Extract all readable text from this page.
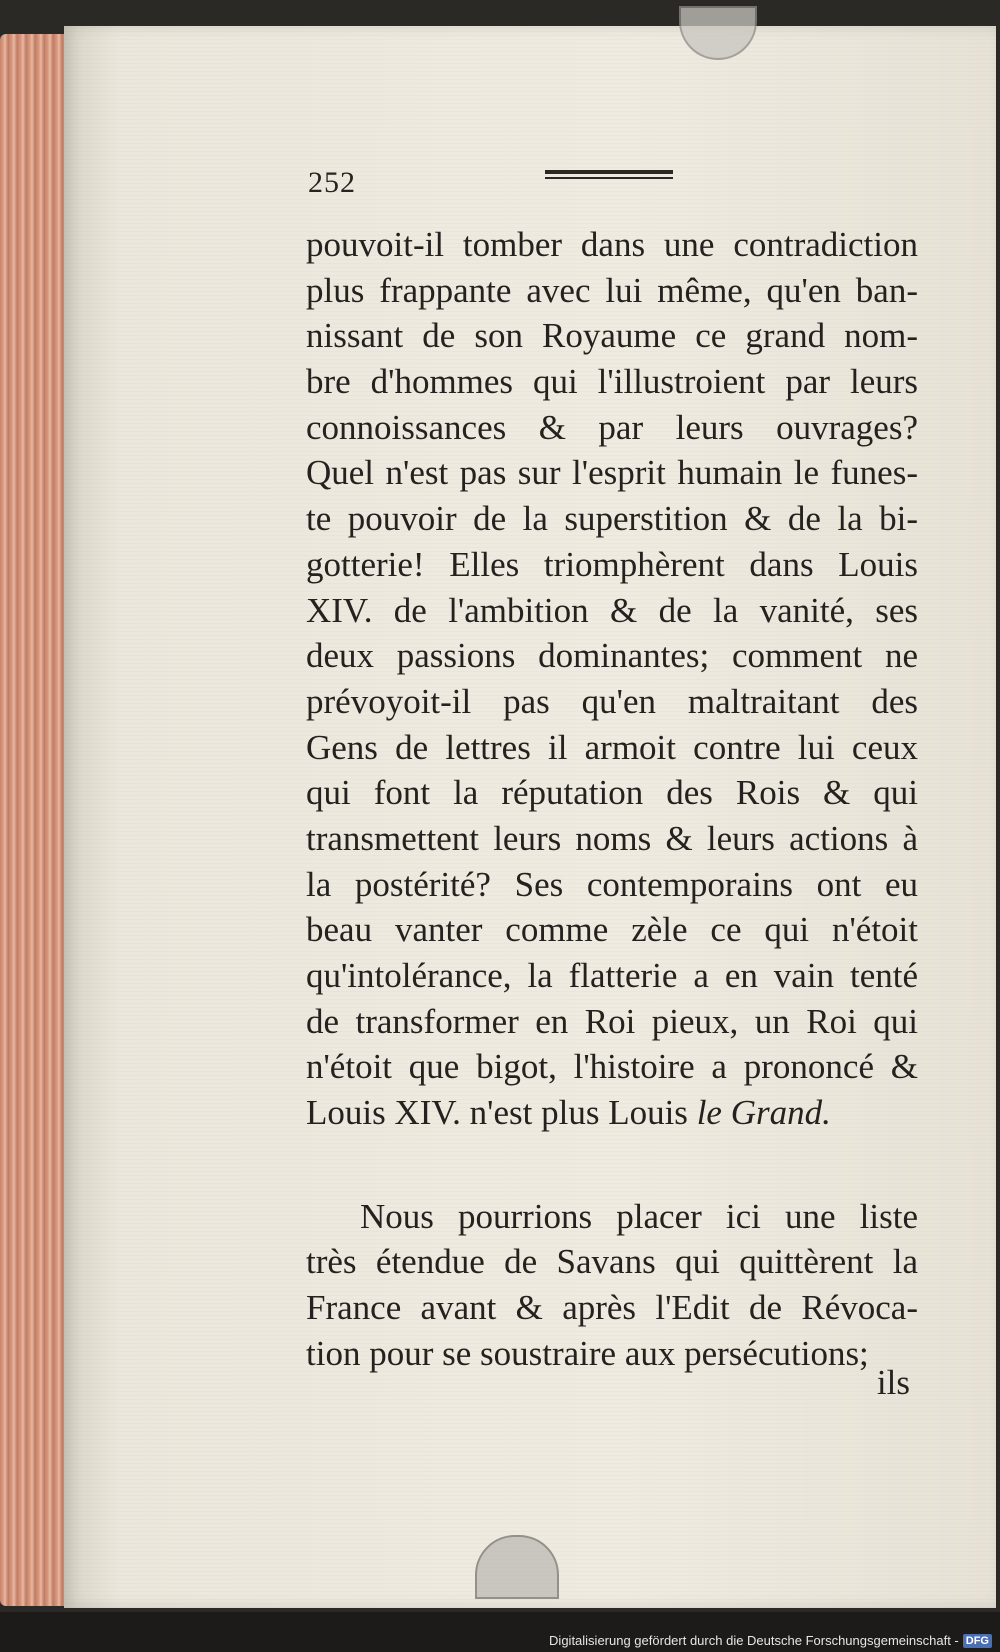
252
pouvoit-il tomber dans une contradiction
plus frappante avec lui même, qu'en ban-
nissant de son Royaume ce grand nom-
bre d'hommes qui l'illustroient par leurs
connoissances & par leurs ouvrages?
Quel n'est pas sur l'esprit humain le funes-
te pouvoir de la superstition & de la bi-
gotterie! Elles triomphèrent dans Louis
XIV. de l'ambition & de la vanité, ses
deux passions dominantes; comment ne
prévoyoit-il pas qu'en maltraitant des
Gens de lettres il armoit contre lui ceux
qui font la réputation des Rois & qui
transmettent leurs noms & leurs actions à
la postérité? Ses contemporains ont eu
beau vanter comme zèle ce qui n'étoit
qu'intolérance, la flatterie a en vain tenté
de transformer en Roi pieux, un Roi qui
n'étoit que bigot, l'histoire a prononcé &
Louis XIV. n'est plus Louis le Grand.
Nous pourrions placer ici une liste
très étendue de Savans qui quittèrent la
France avant & après l'Edit de Révoca-
tion pour se soustraire aux persécutions;
ils
Digitalisierung gefördert durch die Deutsche Forschungsgemeinschaft - DFG
